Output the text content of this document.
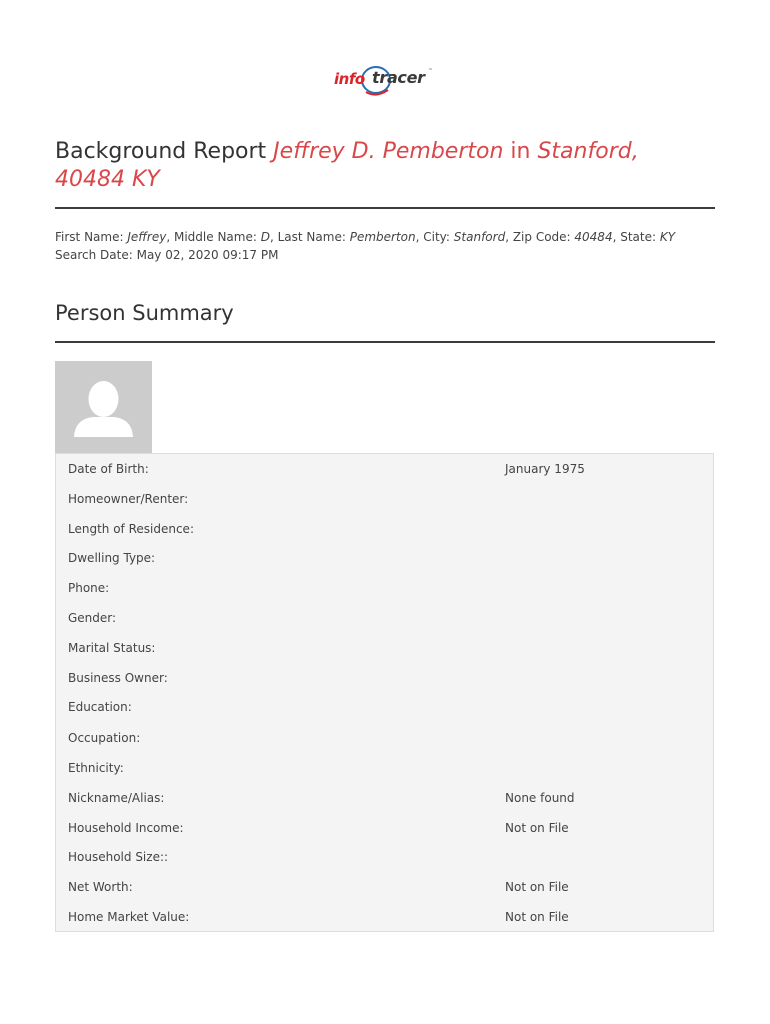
info tracer ™
Background Report Jeffrey D. Pemberton in Stanford, 40484 KY
First Name: Jeffrey, Middle Name: D, Last Name: Pemberton, City: Stanford, Zip Code: 40484, State: KY
Search Date: May 02, 2020 09:17 PM
Person Summary
Date of Birth:	January 1975
Homeowner/Renter:
Length of Residence:
Dwelling Type:
Phone:
Gender:
Marital Status:
Business Owner:
Education:
Occupation:
Ethnicity:
Nickname/Alias:	None found
Household Income:	Not on File
Household Size::
Net Worth:	Not on File
Home Market Value:	Not on File
